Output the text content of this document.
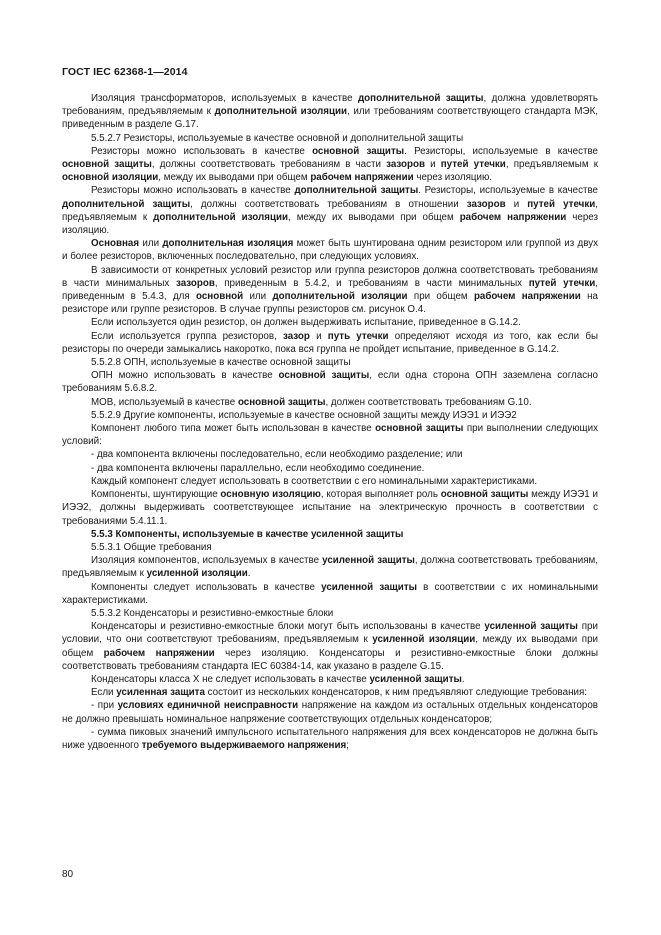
ГОСТ IEC 62368-1—2014
Изоляция трансформаторов, используемых в качестве дополнительной защиты, должна удовлетворять требованиям, предъявляемым к дополнительной изоляции, или требованиям соответствующего стандарта МЭК, приведенным в разделе G.17.
5.5.2.7 Резисторы, используемые в качестве основной и дополнительной защиты
Резисторы можно использовать в качестве основной защиты. Резисторы, используемые в качестве основной защиты, должны соответствовать требованиям в части зазоров и путей утечки, предъявляемым к основной изоляции, между их выводами при общем рабочем напряжении через изоляцию.
Резисторы можно использовать в качестве дополнительной защиты. Резисторы, используемые в качестве дополнительной защиты, должны соответствовать требованиям в отношении зазоров и путей утечки, предъявляемым к дополнительной изоляции, между их выводами при общем рабочем напряжении через изоляцию.
Основная или дополнительная изоляция может быть шунтирована одним резистором или группой из двух и более резисторов, включенных последовательно, при следующих условиях.
В зависимости от конкретных условий резистор или группа резисторов должна соответствовать требованиям в части минимальных зазоров, приведенным в 5.4.2, и требованиям в части минимальных путей утечки, приведенным в 5.4.3, для основной или дополнительной изоляции при общем рабочем напряжении на резисторе или группе резисторов. В случае группы резисторов см. рисунок О.4.
Если используется один резистор, он должен выдерживать испытание, приведенное в G.14.2.
Если используется группа резисторов, зазор и путь утечки определяют исходя из того, как если бы резисторы по очереди замыкались накоротко, пока вся группа не пройдет испытание, приведенное в G.14.2.
5.5.2.8 ОПН, используемые в качестве основной защиты
ОПН можно использовать в качестве основной защиты, если одна сторона ОПН заземлена согласно требованиям 5.6.8.2.
МОВ, используемый в качестве основной защиты, должен соответствовать требованиям G.10.
5.5.2.9 Другие компоненты, используемые в качестве основной защиты между ИЭЭ1 и ИЭЭ2
Компонент любого типа может быть использован в качестве основной защиты при выполнении следующих условий:
- два компонента включены последовательно, если необходимо разделение; или
- два компонента включены параллельно, если необходимо соединение.
Каждый компонент следует использовать в соответствии с его номинальными характеристиками.
Компоненты, шунтирующие основную изоляцию, которая выполняет роль основной защиты между ИЭЭ1 и ИЭЭ2, должны выдерживать соответствующее испытание на электрическую прочность в соответствии с требованиями 5.4.11.1.
5.5.3 Компоненты, используемые в качестве усиленной защиты
5.5.3.1 Общие требования
Изоляция компонентов, используемых в качестве усиленной защиты, должна соответствовать требованиям, предъявляемым к усиленной изоляции.
Компоненты следует использовать в качестве усиленной защиты в соответствии с их номинальными характеристиками.
5.5.3.2 Конденсаторы и резистивно-емкостные блоки
Конденсаторы и резистивно-емкостные блоки могут быть использованы в качестве усиленной защиты при условии, что они соответствуют требованиям, предъявляемым к усиленной изоляции, между их выводами при общем рабочем напряжении через изоляцию. Конденсаторы и резистивно-емкостные блоки должны соответствовать требованиям стандарта IEC 60384-14, как указано в разделе G.15.
Конденсаторы класса X не следует использовать в качестве усиленной защиты.
Если усиленная защита состоит из нескольких конденсаторов, к ним предъявляют следующие требования:
- при условиях единичной неисправности напряжение на каждом из остальных отдельных конденсаторов не должно превышать номинальное напряжение соответствующих отдельных конденсаторов;
- сумма пиковых значений импульсного испытательного напряжения для всех конденсаторов не должна быть ниже удвоенного требуемого выдерживаемого напряжения;
80
